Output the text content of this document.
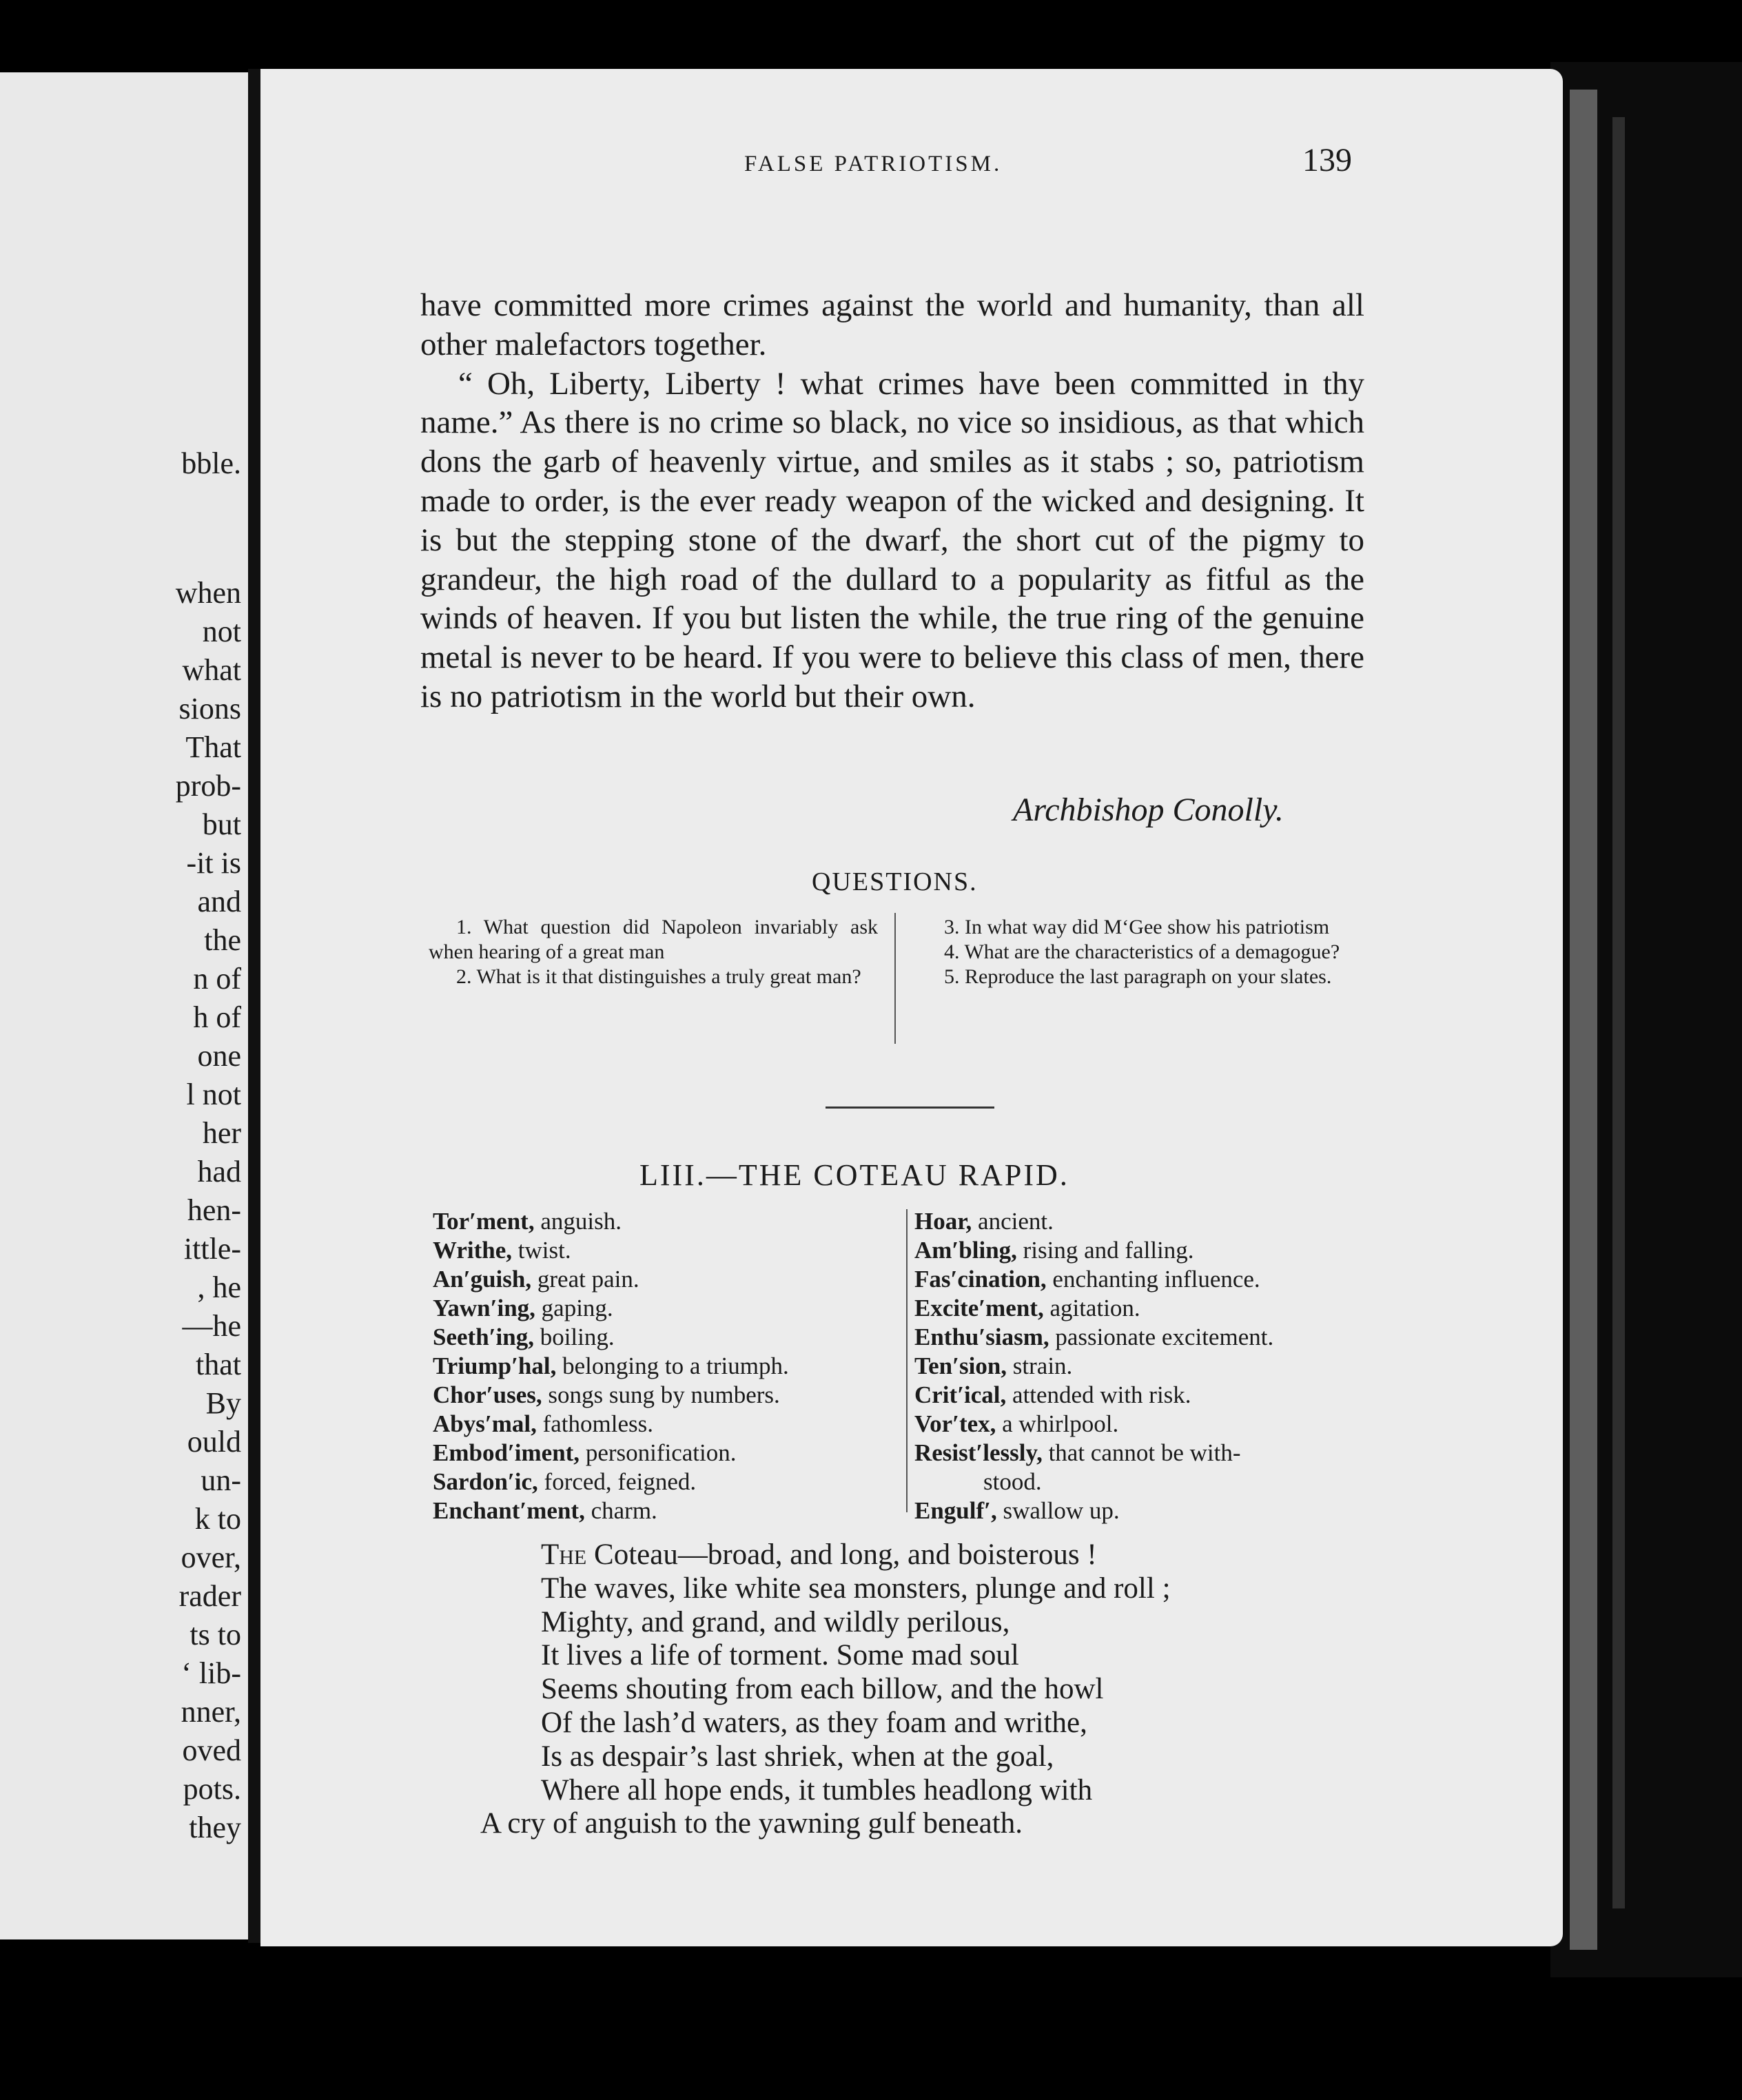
bble.
when
not
what
sions
That
prob-
but
-it is
and
the
n of
h of
one
l not
her
had
hen-
ittle-
, he
—he
that
By
ould
un-
k to
over,
rader
ts to
‘ lib-
nner,
oved
pots.
they
FALSE PATRIOTISM.	139

have committed more crimes against the world and humanity, than all other malefactors together.

“ Oh, Liberty, Liberty ! what crimes have been committed in thy name.” As there is no crime so black, no vice so insidious, as that which dons the garb of heavenly virtue, and smiles as it stabs ; so, patriotism made to order, is the ever ready weapon of the wicked and designing. It is but the stepping stone of the dwarf, the short cut of the pigmy to grandeur, the high road of the dullard to a popularity as fitful as the winds of heaven. If you but listen the while, the true ring of the genuine metal is never to be heard. If you were to believe this class of men, there is no patriotism in the world but their own.

Archbishop Conolly.
QUESTIONS.

1. What question did Napoleon invariably ask when hearing of a great man

2. What is it that distinguishes a truly great man?

3. In what way did M‘Gee show his patriotism

4. What are the characteristics of a demagogue?

5. Reproduce the last paragraph on your slates.

LIII.—THE COTEAU RAPID.
Tor′ment, anguish.
Writhe, twist.
An′guish, great pain.
Yawn′ing, gaping.
Seeth′ing, boiling.
Triump′hal, belonging to a triumph.
Chor′uses, songs sung by numbers.
Abys′mal, fathomless.
Embod′iment, personification.
Sardon′ic, forced, feigned.
Enchant′ment, charm.
Hoar, ancient.
Am′bling, rising and falling.
Fas′cination, enchanting influence.
Excite′ment, agitation.
Enthu′siasm, passionate excitement.
Ten′sion, strain.
Crit′ical, attended with risk.
Vor′tex, a whirlpool.
Resist′lessly, that cannot be with-
stood.
Engulf′, swallow up.
The Coteau—broad, and long, and boisterous !
The waves, like white sea monsters, plunge and roll ;
Mighty, and grand, and wildly perilous,
It lives a life of torment. Some mad soul
Seems shouting from each billow, and the howl
Of the lash’d waters, as they foam and writhe,
Is as despair’s last shriek, when at the goal,
Where all hope ends, it tumbles headlong with
A cry of anguish to the yawning gulf beneath.
